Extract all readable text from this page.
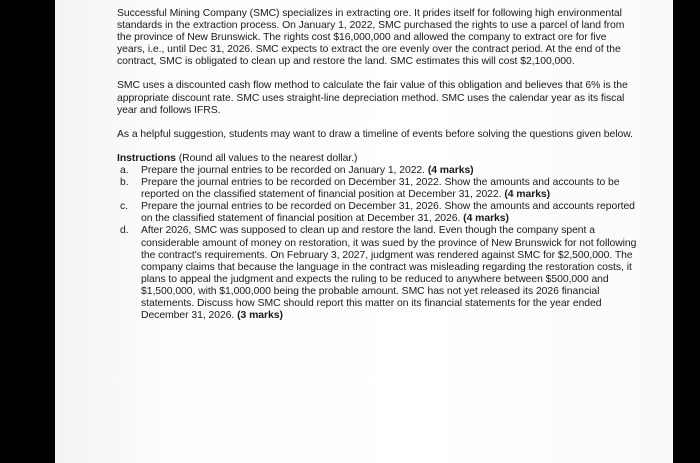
Successful Mining Company (SMC) specializes in extracting ore. It prides itself for following high environmental standards in the extraction process. On January 1, 2022, SMC purchased the rights to use a parcel of land from the province of New Brunswick. The rights cost $16,000,000 and allowed the company to extract ore for five years, i.e., until Dec 31, 2026. SMC expects to extract the ore evenly over the contract period. At the end of the contract, SMC is obligated to clean up and restore the land. SMC estimates this will cost $2,100,000.

SMC uses a discounted cash flow method to calculate the fair value of this obligation and believes that 6% is the appropriate discount rate. SMC uses straight-line depreciation method. SMC uses the calendar year as its fiscal year and follows IFRS.

As a helpful suggestion, students may want to draw a timeline of events before solving the questions given below.

Instructions (Round all values to the nearest dollar.)

a. Prepare the journal entries to be recorded on January 1, 2022. (4 marks)
b. Prepare the journal entries to be recorded on December 31, 2022. Show the amounts and accounts to be reported on the classified statement of financial position at December 31, 2022. (4 marks)
c. Prepare the journal entries to be recorded on December 31, 2026. Show the amounts and accounts reported on the classified statement of financial position at December 31, 2026. (4 marks)
d. After 2026, SMC was supposed to clean up and restore the land. Even though the company spent a considerable amount of money on restoration, it was sued by the province of New Brunswick for not following the contract's requirements. On February 3, 2027, judgment was rendered against SMC for $2,500,000. The company claims that because the language in the contract was misleading regarding the restoration costs, it plans to appeal the judgment and expects the ruling to be reduced to anywhere between $500,000 and $1,500,000, with $1,000,000 being the probable amount. SMC has not yet released its 2026 financial statements. Discuss how SMC should report this matter on its financial statements for the year ended December 31, 2026. (3 marks)
